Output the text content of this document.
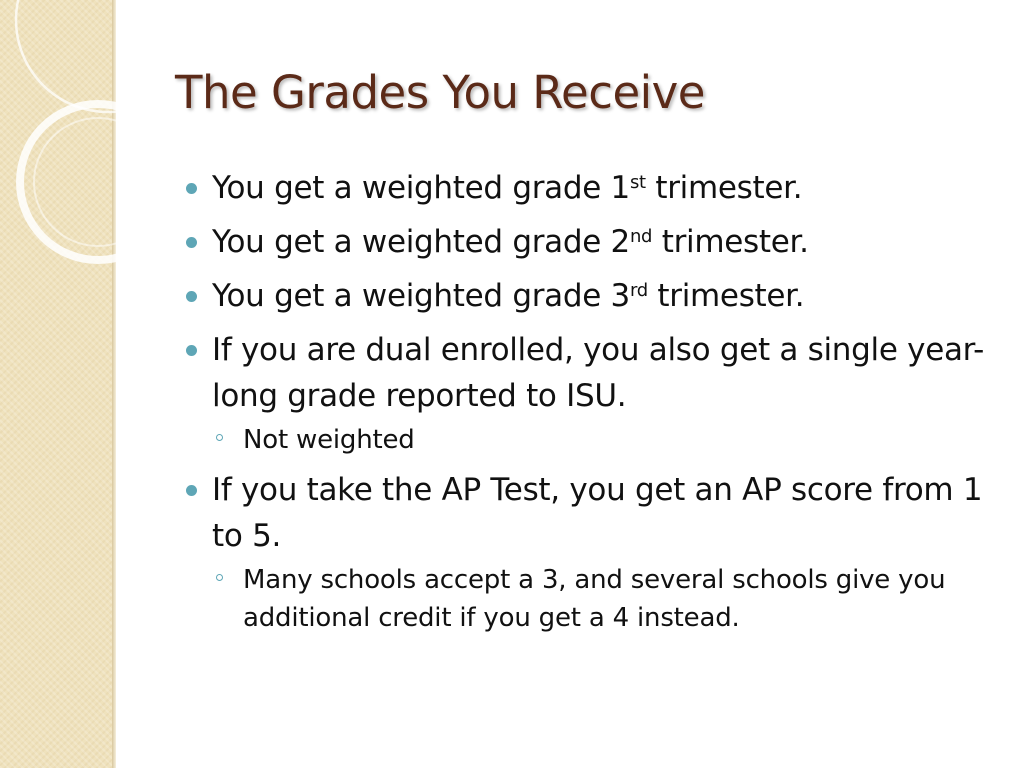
The Grades You Receive
You get a weighted grade 1st trimester.
You get a weighted grade 2nd trimester.
You get a weighted grade 3rd trimester.
If you are dual enrolled, you also get a single year-long grade reported to ISU.
Not weighted
If you take the AP Test, you get an AP score from 1 to 5.
Many schools accept a 3, and several schools give you additional credit if you get a 4 instead.
